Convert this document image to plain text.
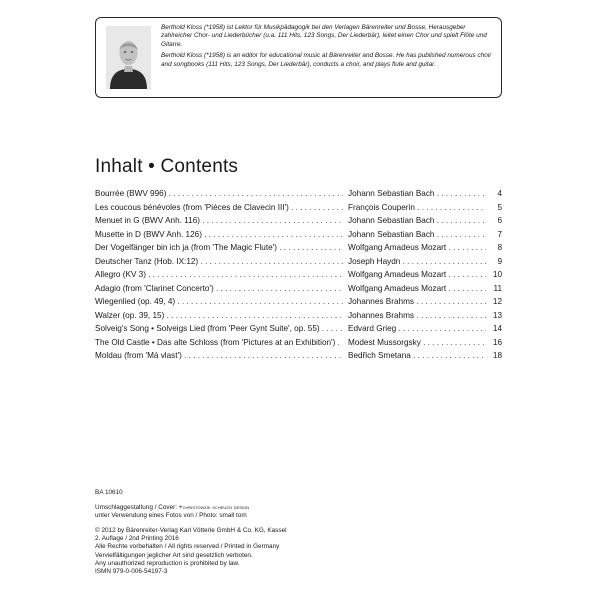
Berthold Kloss (*1958) ist Lektor für Musikpädagogik bei den Verlagen Bärenreiter und Bosse, Herausgeber zahlreicher Chor- und Liederbücher (u.a. 111 Hits, 123 Songs, Der Liederbär), leitet einen Chor und spielt Flöte und Gitarre.

Berthold Kloss (*1958) is an editor for educational music at Bärenreiter and Bosse. He has published numerous choir and songbooks (111 Hits, 123 Songs, Der Liederbär), conducts a choir, and plays flute and guitar.

Inhalt • Contents
Bourrée (BWV 996) . . .	Johann Sebastian Bach . . .	4
Les coucous bénévoles (from 'Pièces de Clavecin III') . . .	François Couperin . . .	5
Menuet in G (BWV Anh. 116) . . .	Johann Sebastian Bach . . .	6
Musette in D (BWV Anh. 126) . . .	Johann Sebastian Bach . . .	7
Der Vogelfänger bin ich ja (from 'The Magic Flute') . . .	Wolfgang Amadeus Mozart . . .	8
Deutscher Tanz (Hob. IX:12) . . .	Joseph Haydn . . .	9
Allegro (KV 3) . . .	Wolfgang Amadeus Mozart . . .	10
Adagio (from 'Clarinet Concerto') . . .	Wolfgang Amadeus Mozart . . .	11
Wiegenlied (op. 49, 4) . . .	Johannes Brahms . . .	12
Walzer (op. 39, 15) . . .	Johannes Brahms . . .	13
Solveig's Song • Solveigs Lied (from 'Peer Gynt Suite', op. 55) . . .	Edvard Grieg . . .	14
The Old Castle • Das alte Schloss (from 'Pictures at an Exhibition') . . .	Modest Mussorgsky . . .	16
Moldau (from 'Má vlast') . . .	Bedřich Smetana . . .	18
BA 10610
Umschlaggestaltung / Cover: +christowzik scheuch design
unter Verwendung eines Fotos von / Photo: small tom
© 2012 by Bärenreiter-Verlag Karl Vötterle GmbH & Co. KG, Kassel
2. Auflage / 2nd Printing 2016
Alle Rechte vorbehalten / All rights reserved / Printed in Germany
Vervielfältigungen jeglicher Art sind gesetzlich verboten.
Any unauthorized reproduction is prohibited by law.
ISMN 979-0-006-54197-3
